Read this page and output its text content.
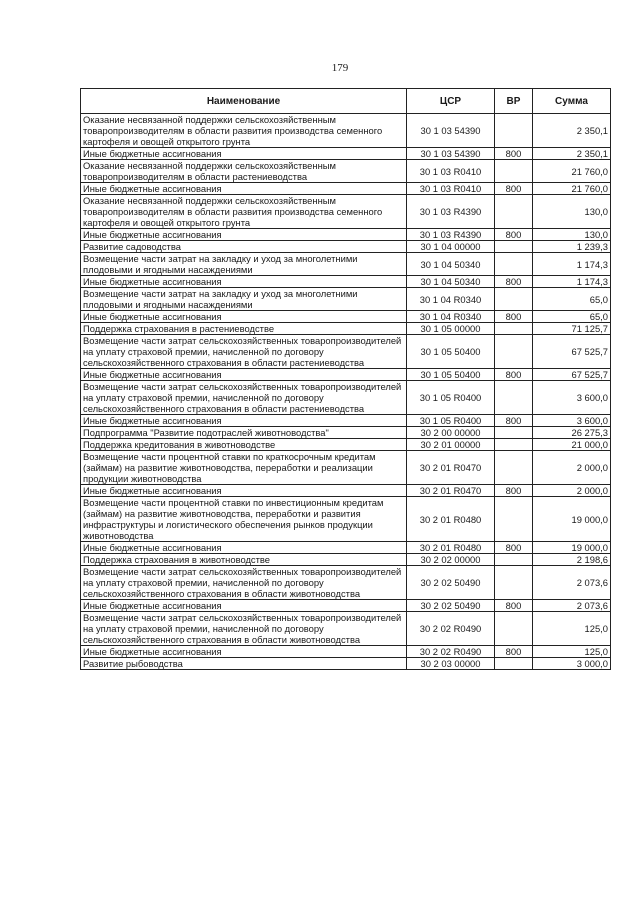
179
Наименование	ЦСР	ВР	Сумма
Оказание несвязанной поддержки сельскохозяйственным товаропроизводителям в области развития производства семенного картофеля и овощей открытого грунта	30 1 03 54390		2 350,1
Иные бюджетные ассигнования	30 1 03 54390	800	2 350,1
Оказание несвязанной поддержки сельскохозяйственным товаропроизводителям в области растениеводства	30 1 03 R0410		21 760,0
Иные бюджетные ассигнования	30 1 03 R0410	800	21 760,0
Оказание несвязанной поддержки сельскохозяйственным товаропроизводителям в области развития производства семенного картофеля и овощей открытого грунта	30 1 03 R4390		130,0
Иные бюджетные ассигнования	30 1 03 R4390	800	130,0
Развитие садоводства	30 1 04 00000		1 239,3
Возмещение части затрат на закладку и уход за многолетними плодовыми и ягодными насаждениями	30 1 04 50340		1 174,3
Иные бюджетные ассигнования	30 1 04 50340	800	1 174,3
Возмещение части затрат на закладку и уход за многолетними плодовыми и ягодными насаждениями	30 1 04 R0340		65,0
Иные бюджетные ассигнования	30 1 04 R0340	800	65,0
Поддержка страхования в растениеводстве	30 1 05 00000		71 125,7
Возмещение части затрат сельскохозяйственных товаропроизводителей на уплату страховой премии, начисленной по договору сельскохозяйственного страхования в области растениеводства	30 1 05 50400		67 525,7
Иные бюджетные ассигнования	30 1 05 50400	800	67 525,7
Возмещение части затрат сельскохозяйственных товаропроизводителей на уплату страховой премии, начисленной по договору сельскохозяйственного страхования в области растениеводства	30 1 05 R0400		3 600,0
Иные бюджетные ассигнования	30 1 05 R0400	800	3 600,0
Подпрограмма "Развитие подотраслей животноводства"	30 2 00 00000		26 275,3
Поддержка кредитования в животноводстве	30 2 01 00000		21 000,0
Возмещение части процентной ставки по краткосрочным кредитам (займам) на развитие животноводства, переработки и реализации продукции животноводства	30 2 01 R0470		2 000,0
Иные бюджетные ассигнования	30 2 01 R0470	800	2 000,0
Возмещение части процентной ставки по инвестиционным кредитам (займам) на развитие животноводства, переработки и развития инфраструктуры и логистического обеспечения рынков продукции животноводства	30 2 01 R0480		19 000,0
Иные бюджетные ассигнования	30 2 01 R0480	800	19 000,0
Поддержка страхования в животноводстве	30 2 02 00000		2 198,6
Возмещение части затрат сельскохозяйственных товаропроизводителей на уплату страховой премии, начисленной по договору сельскохозяйственного страхования в области животноводства	30 2 02 50490		2 073,6
Иные бюджетные ассигнования	30 2 02 50490	800	2 073,6
Возмещение части затрат сельскохозяйственных товаропроизводителей на уплату страховой премии, начисленной по договору сельскохозяйственного страхования в области животноводства	30 2 02 R0490		125,0
Иные бюджетные ассигнования	30 2 02 R0490	800	125,0
Развитие рыбоводства	30 2 03 00000		3 000,0
